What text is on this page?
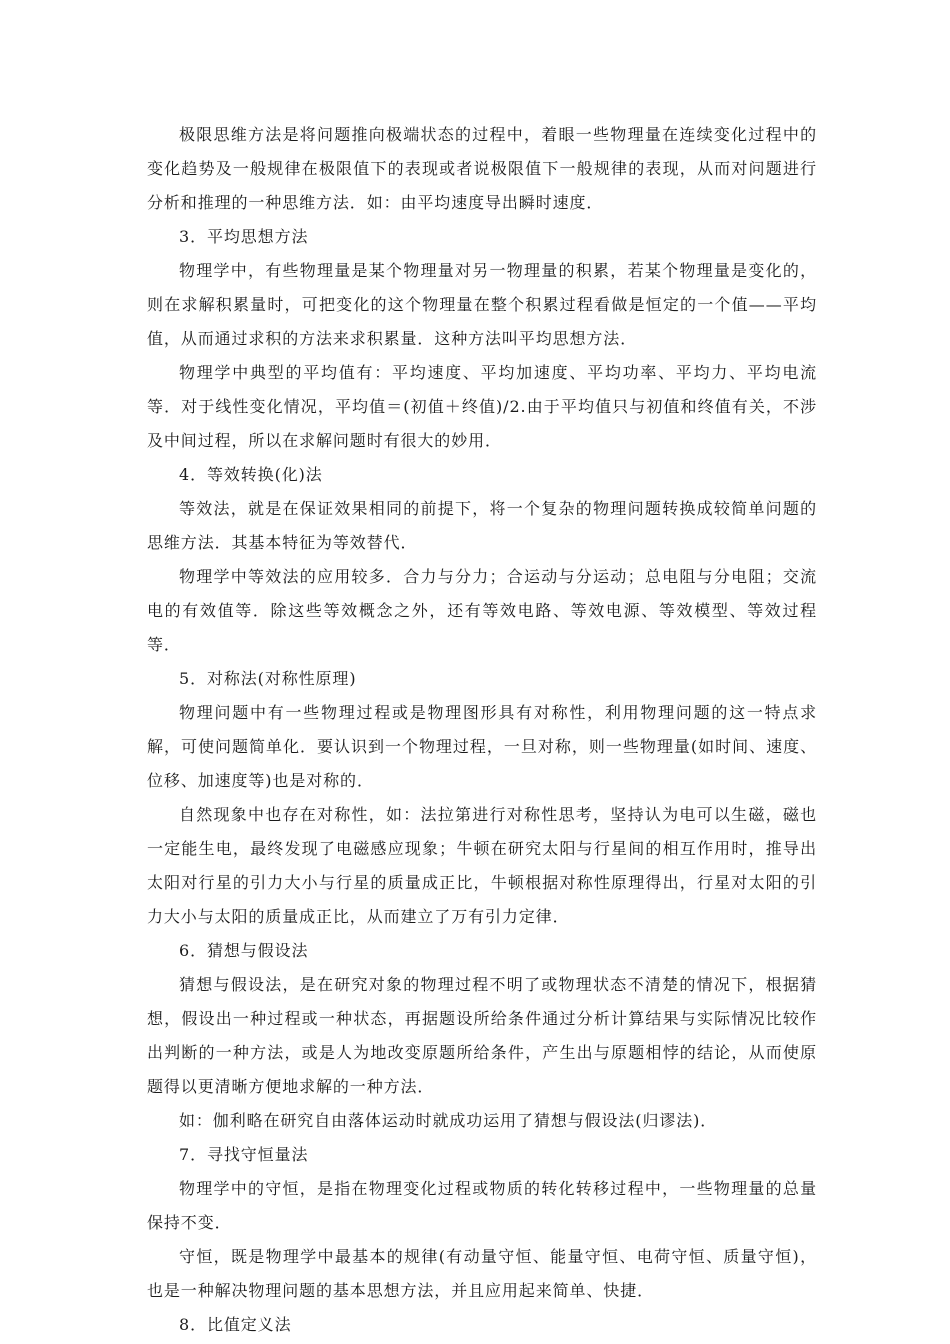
极限思维方法是将问题推向极端状态的过程中，着眼一些物理量在连续变化过程中的变化趋势及一般规律在极限值下的表现或者说极限值下一般规律的表现，从而对问题进行分析和推理的一种思维方法．如：由平均速度导出瞬时速度．

3．平均思想方法

物理学中，有些物理量是某个物理量对另一物理量的积累，若某个物理量是变化的，则在求解积累量时，可把变化的这个物理量在整个积累过程看做是恒定的一个值——平均值，从而通过求积的方法来求积累量．这种方法叫平均思想方法．

物理学中典型的平均值有：平均速度、平均加速度、平均功率、平均力、平均电流等．对于线性变化情况，平均值＝(初值＋终值)/2.由于平均值只与初值和终值有关，不涉及中间过程，所以在求解问题时有很大的妙用．

4．等效转换(化)法

等效法，就是在保证效果相同的前提下，将一个复杂的物理问题转换成较简单问题的思维方法．其基本特征为等效替代．

物理学中等效法的应用较多．合力与分力；合运动与分运动；总电阻与分电阻；交流电的有效值等．除这些等效概念之外，还有等效电路、等效电源、等效模型、等效过程等．

5．对称法(对称性原理)

物理问题中有一些物理过程或是物理图形具有对称性，利用物理问题的这一特点求解，可使问题简单化．要认识到一个物理过程，一旦对称，则一些物理量(如时间、速度、位移、加速度等)也是对称的．

自然现象中也存在对称性，如：法拉第进行对称性思考，坚持认为电可以生磁，磁也一定能生电，最终发现了电磁感应现象；牛顿在研究太阳与行星间的相互作用时，推导出太阳对行星的引力大小与行星的质量成正比，牛顿根据对称性原理得出，行星对太阳的引力大小与太阳的质量成正比，从而建立了万有引力定律．

6．猜想与假设法

猜想与假设法，是在研究对象的物理过程不明了或物理状态不清楚的情况下，根据猜想，假设出一种过程或一种状态，再据题设所给条件通过分析计算结果与实际情况比较作出判断的一种方法，或是人为地改变原题所给条件，产生出与原题相悖的结论，从而使原题得以更清晰方便地求解的一种方法．

如：伽利略在研究自由落体运动时就成功运用了猜想与假设法(归谬法)．

7．寻找守恒量法

物理学中的守恒，是指在物理变化过程或物质的转化转移过程中，一些物理量的总量保持不变．

守恒，既是物理学中最基本的规律(有动量守恒、能量守恒、电荷守恒、质量守恒)，也是一种解决物理问题的基本思想方法，并且应用起来简单、快捷．

8．比值定义法
